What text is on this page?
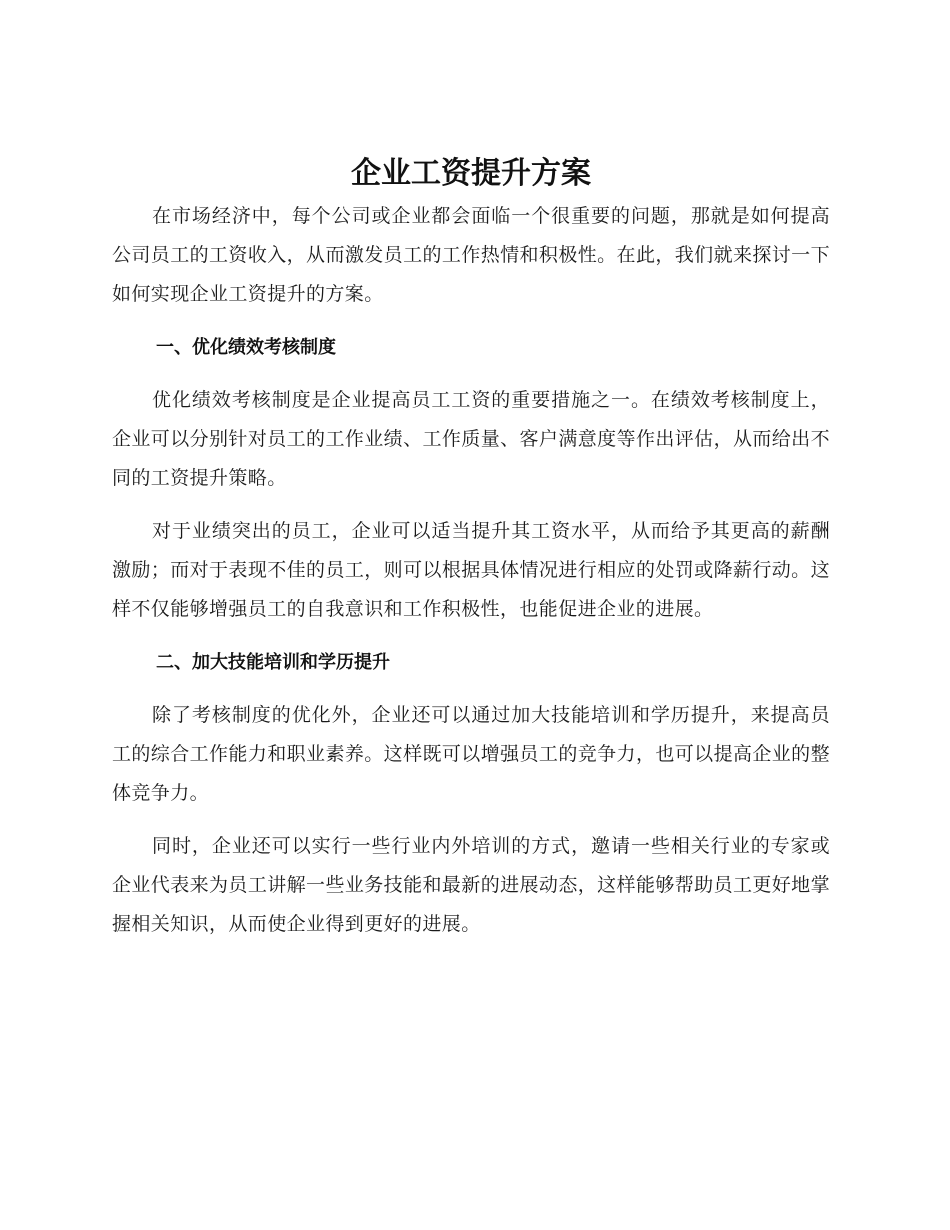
企业工资提升方案

在市场经济中，每个公司或企业都会面临一个很重要的问题，那就是如何提高公司员工的工资收入，从而激发员工的工作热情和积极性。在此，我们就来探讨一下如何实现企业工资提升的方案。

一、优化绩效考核制度

优化绩效考核制度是企业提高员工工资的重要措施之一。在绩效考核制度上，企业可以分别针对员工的工作业绩、工作质量、客户满意度等作出评估，从而给出不同的工资提升策略。

对于业绩突出的员工，企业可以适当提升其工资水平，从而给予其更高的薪酬激励；而对于表现不佳的员工，则可以根据具体情况进行相应的处罚或降薪行动。这样不仅能够增强员工的自我意识和工作积极性，也能促进企业的进展。

二、加大技能培训和学历提升

除了考核制度的优化外，企业还可以通过加大技能培训和学历提升，来提高员工的综合工作能力和职业素养。这样既可以增强员工的竞争力，也可以提高企业的整体竞争力。

同时，企业还可以实行一些行业内外培训的方式，邀请一些相关行业的专家或企业代表来为员工讲解一些业务技能和最新的进展动态，这样能够帮助员工更好地掌握相关知识，从而使企业得到更好的进展。
